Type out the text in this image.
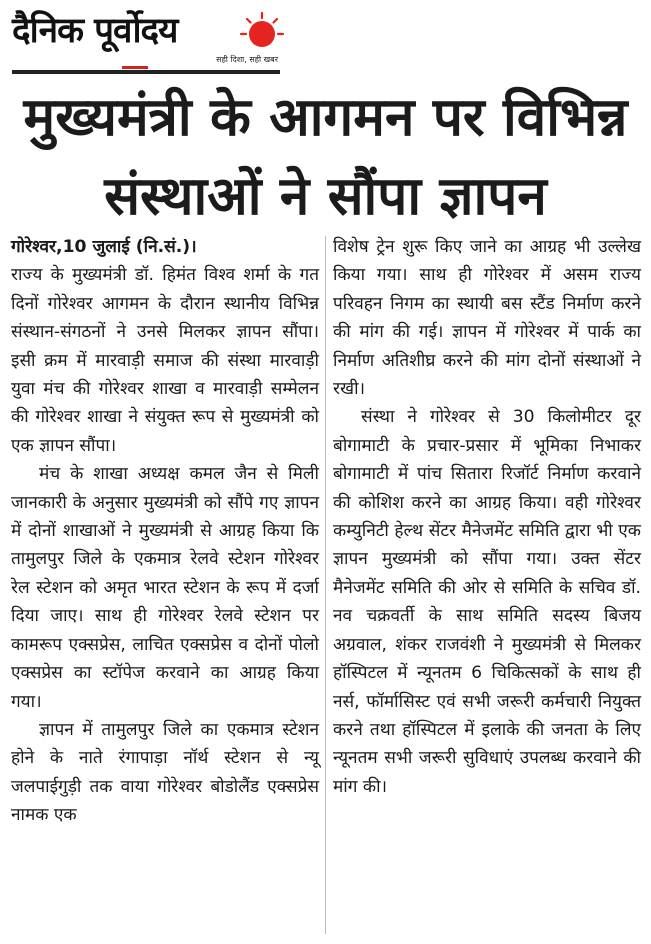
दैनिक पूर्वोदय
सही दिशा, सही खबर
मुख्यमंत्री के आगमन पर विभिन्न
संस्थाओं ने सौंपा ज्ञापन

गोरेश्वर,10 जुलाई (नि.सं.)।

राज्य के मुख्यमंत्री डॉ. हिमंत विश्व शर्मा के गत दिनों गोरेश्वर आगमन के दौरान स्थानीय विभिन्न संस्थान-संगठनों ने उनसे मिलकर ज्ञापन सौंपा। इसी क्रम में मारवाड़ी समाज की संस्था मारवाड़ी युवा मंच की गोरेश्वर शाखा व मारवाड़ी सम्मेलन की गोरेश्वर शाखा ने संयुक्त रूप से मुख्यमंत्री को एक ज्ञापन सौंपा।

मंच के शाखा अध्यक्ष कमल जैन से मिली जानकारी के अनुसार मुख्यमंत्री को सौंपे गए ज्ञापन में दोनों शाखाओं ने मुख्यमंत्री से आग्रह किया कि तामुलपुर जिले के एकमात्र रेलवे स्टेशन गोरेश्वर रेल स्टेशन को अमृत भारत स्टेशन के रूप में दर्जा दिया जाए। साथ ही गोरेश्वर रेलवे स्टेशन पर कामरूप एक्सप्रेस, लाचित एक्सप्रेस व दोनों पोलो एक्सप्रेस का स्टॉपेज करवाने का आग्रह किया गया।

ज्ञापन में तामुलपुर जिले का एकमात्र स्टेशन होने के नाते रंगापाड़ा नॉर्थ स्टेशन से न्यू जलपाईगुड़ी तक वाया गोरेश्वर बोडोलैंड एक्सप्रेस नामक एक

विशेष ट्रेन शुरू किए जाने का आग्रह भी उल्लेख किया गया। साथ ही गोरेश्वर में असम राज्य परिवहन निगम का स्थायी बस स्टैंड निर्माण करने की मांग की गई। ज्ञापन में गोरेश्वर में पार्क का निर्माण अतिशीघ्र करने की मांग दोनों संस्थाओं ने रखी।

संस्था ने गोरेश्वर से 30 किलोमीटर दूर बोगामाटी के प्रचार-प्रसार में भूमिका निभाकर बोगामाटी में पांच सितारा रिजॉर्ट निर्माण करवाने की कोशिश करने का आग्रह किया। वही गोरेश्वर कम्युनिटी हेल्थ सेंटर मैनेजमेंट समिति द्वारा भी एक ज्ञापन मुख्यमंत्री को सौंपा गया। उक्त सेंटर मैनेजमेंट समिति की ओर से समिति के सचिव डॉ. नव चक्रवर्ती के साथ समिति सदस्य बिजय अग्रवाल, शंकर राजवंशी ने मुख्यमंत्री से मिलकर हॉस्पिटल में न्यूनतम 6 चिकित्सकों के साथ ही नर्स, फॉर्मासिस्ट एवं सभी जरूरी कर्मचारी नियुक्त करने तथा हॉस्पिटल में इलाके की जनता के लिए न्यूनतम सभी जरूरी सुविधाएं उपलब्ध करवाने की मांग की।
